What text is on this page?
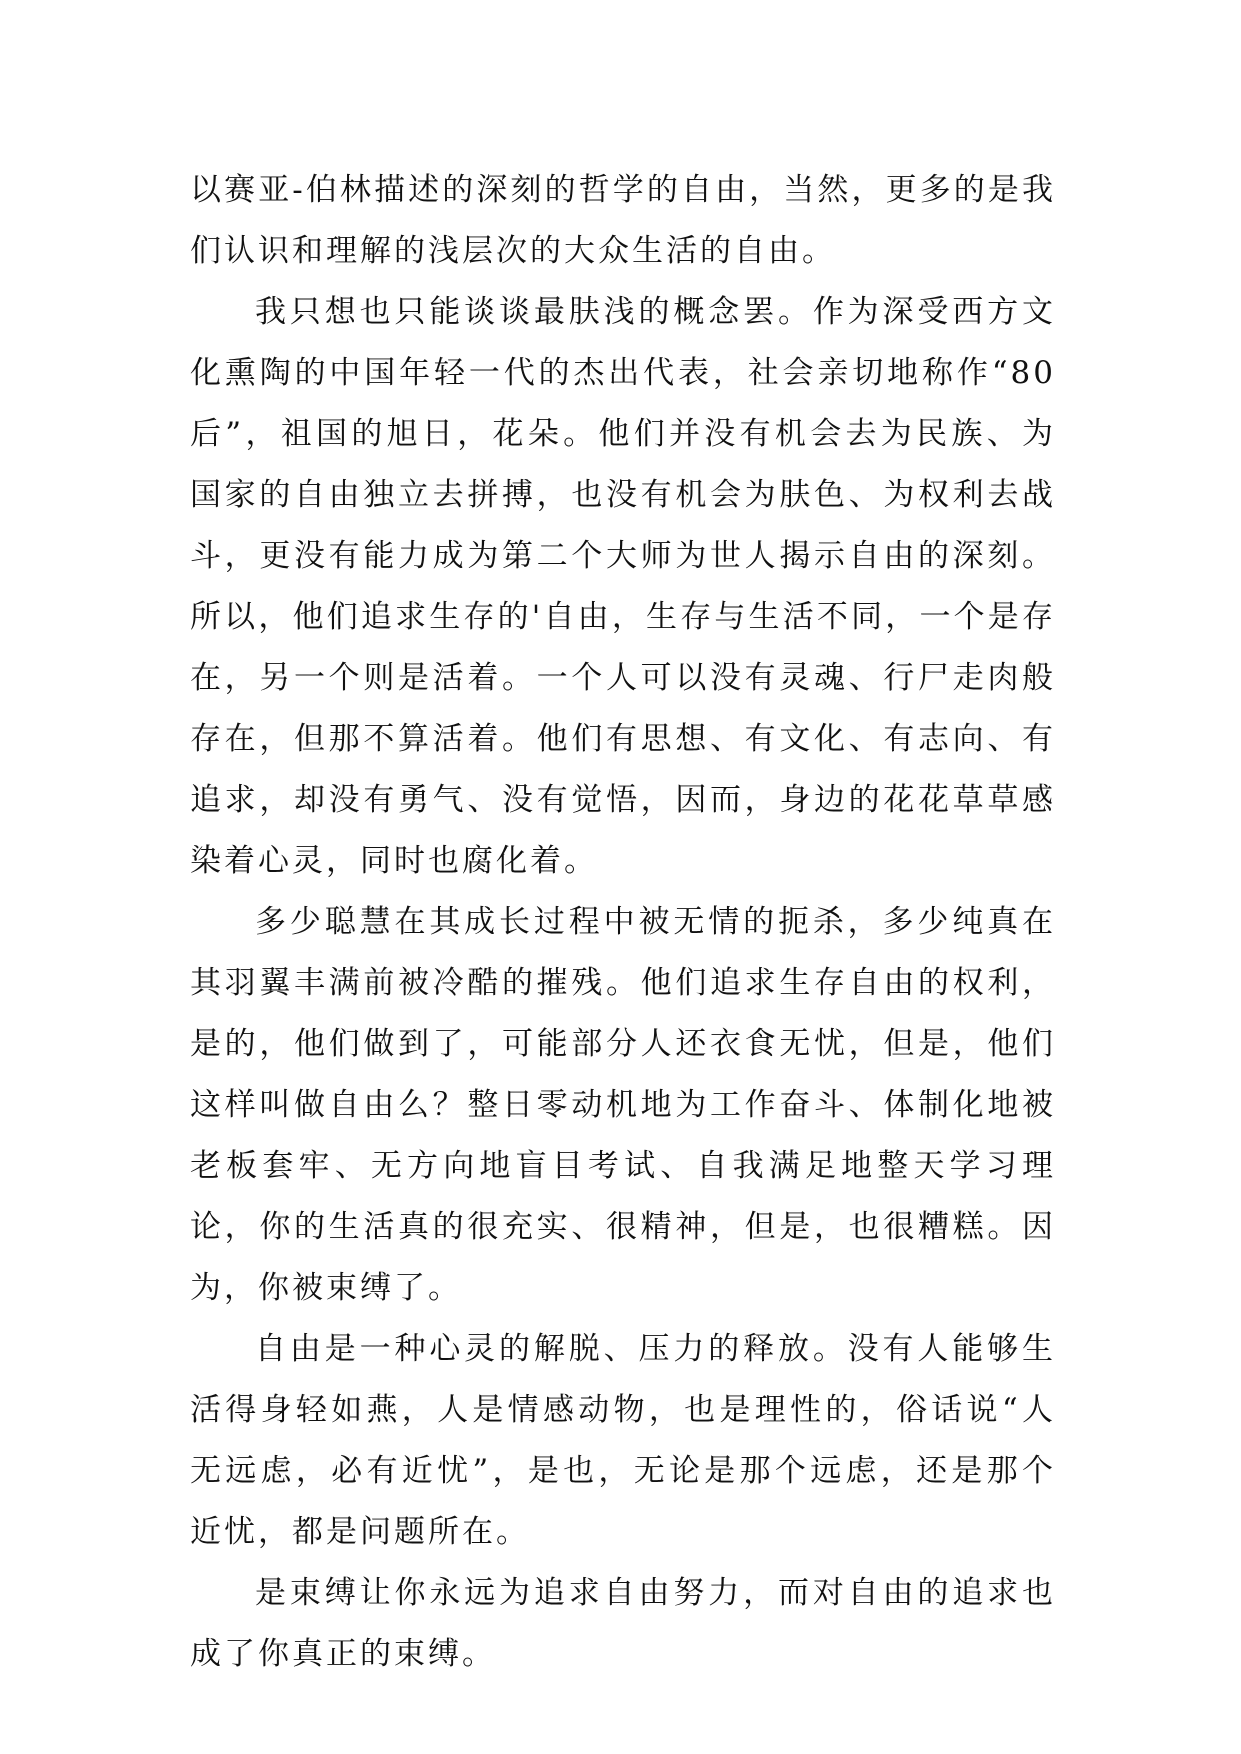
以赛亚-伯林描述的深刻的哲学的自由，当然，更多的是我们认识和理解的浅层次的大众生活的自由。

我只想也只能谈谈最肤浅的概念罢。作为深受西方文化熏陶的中国年轻一代的杰出代表，社会亲切地称作“80后”，祖国的旭日，花朵。他们并没有机会去为民族、为国家的自由独立去拼搏，也没有机会为肤色、为权利去战斗，更没有能力成为第二个大师为世人揭示自由的深刻。所以，他们追求生存的'自由，生存与生活不同，一个是存在，另一个则是活着。一个人可以没有灵魂、行尸走肉般存在，但那不算活着。他们有思想、有文化、有志向、有追求，却没有勇气、没有觉悟，因而，身边的花花草草感染着心灵，同时也腐化着。

多少聪慧在其成长过程中被无情的扼杀，多少纯真在其羽翼丰满前被冷酷的摧残。他们追求生存自由的权利，是的，他们做到了，可能部分人还衣食无忧，但是，他们这样叫做自由么？整日零动机地为工作奋斗、体制化地被老板套牢、无方向地盲目考试、自我满足地整天学习理论，你的生活真的很充实、很精神，但是，也很糟糕。因为，你被束缚了。

自由是一种心灵的解脱、压力的释放。没有人能够生活得身轻如燕，人是情感动物，也是理性的，俗话说“人无远虑，必有近忧”，是也，无论是那个远虑，还是那个近忧，都是问题所在。

是束缚让你永远为追求自由努力，而对自由的追求也成了你真正的束缚。
